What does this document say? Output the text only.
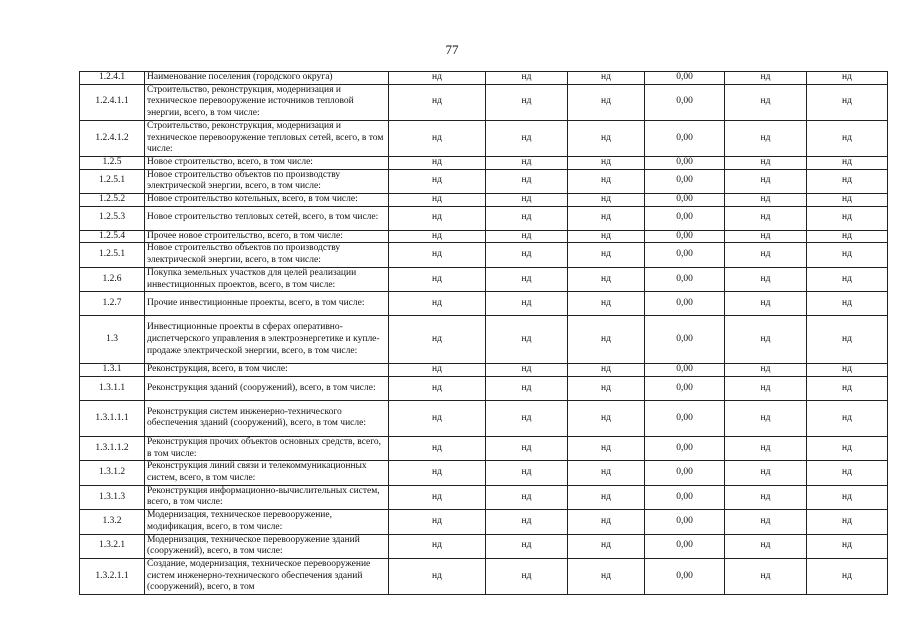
77
1.2.4.1	Наименование поселения (городского округа)	нд	нд	нд	0,00	нд	нд
1.2.4.1.1	Строительство, реконструкция, модернизация и техническое перевооружение источников тепловой энергии, всего, в том числе:	нд	нд	нд	0,00	нд	нд
1.2.4.1.2	Строительство, реконструкция, модернизация и техническое перевооружение тепловых сетей, всего, в том числе:	нд	нд	нд	0,00	нд	нд
1.2.5	Новое строительство, всего, в том числе:	нд	нд	нд	0,00	нд	нд
1.2.5.1	Новое строительство объектов по производству электрической энергии, всего, в том числе:	нд	нд	нд	0,00	нд	нд
1.2.5.2	Новое строительство котельных, всего, в том числе:	нд	нд	нд	0,00	нд	нд
1.2.5.3	Новое строительство тепловых сетей, всего, в том числе:	нд	нд	нд	0,00	нд	нд
1.2.5.4	Прочее новое строительство, всего, в том числе:	нд	нд	нд	0,00	нд	нд
1.2.5.1	Новое строительство объектов по производству электрической энергии, всего, в том числе:	нд	нд	нд	0,00	нд	нд
1.2.6	Покупка земельных участков для целей реализации инвестиционных проектов, всего, в том числе:	нд	нд	нд	0,00	нд	нд
1.2.7	Прочие инвестиционные проекты, всего, в том числе:	нд	нд	нд	0,00	нд	нд
1.3	Инвестиционные проекты в сферах оперативно-диспетчерского управления в электроэнергетике и купле-продаже электрической энергии, всего, в том числе:	нд	нд	нд	0,00	нд	нд
1.3.1	Реконструкция, всего, в том числе:	нд	нд	нд	0,00	нд	нд
1.3.1.1	Реконструкция зданий (сооружений), всего, в том числе:	нд	нд	нд	0,00	нд	нд
1.3.1.1.1	Реконструкция систем инженерно-технического обеспечения зданий (сооружений), всего, в том числе:	нд	нд	нд	0,00	нд	нд
1.3.1.1.2	Реконструкция прочих объектов основных средств, всего, в том числе:	нд	нд	нд	0,00	нд	нд
1.3.1.2	Реконструкция линий связи и телекоммуникационных систем, всего, в том числе:	нд	нд	нд	0,00	нд	нд
1.3.1.3	Реконструкция информационно-вычислительных систем, всего, в том числе:	нд	нд	нд	0,00	нд	нд
1.3.2	Модернизация, техническое перевооружение, модификация, всего, в том числе:	нд	нд	нд	0,00	нд	нд
1.3.2.1	Модернизация, техническое перевооружение зданий (сооружений), всего, в том числе:	нд	нд	нд	0,00	нд	нд
1.3.2.1.1	Создание, модернизация, техническое перевооружение систем инженерно-технического обеспечения зданий (сооружений), всего, в том	нд	нд	нд	0,00	нд	нд
